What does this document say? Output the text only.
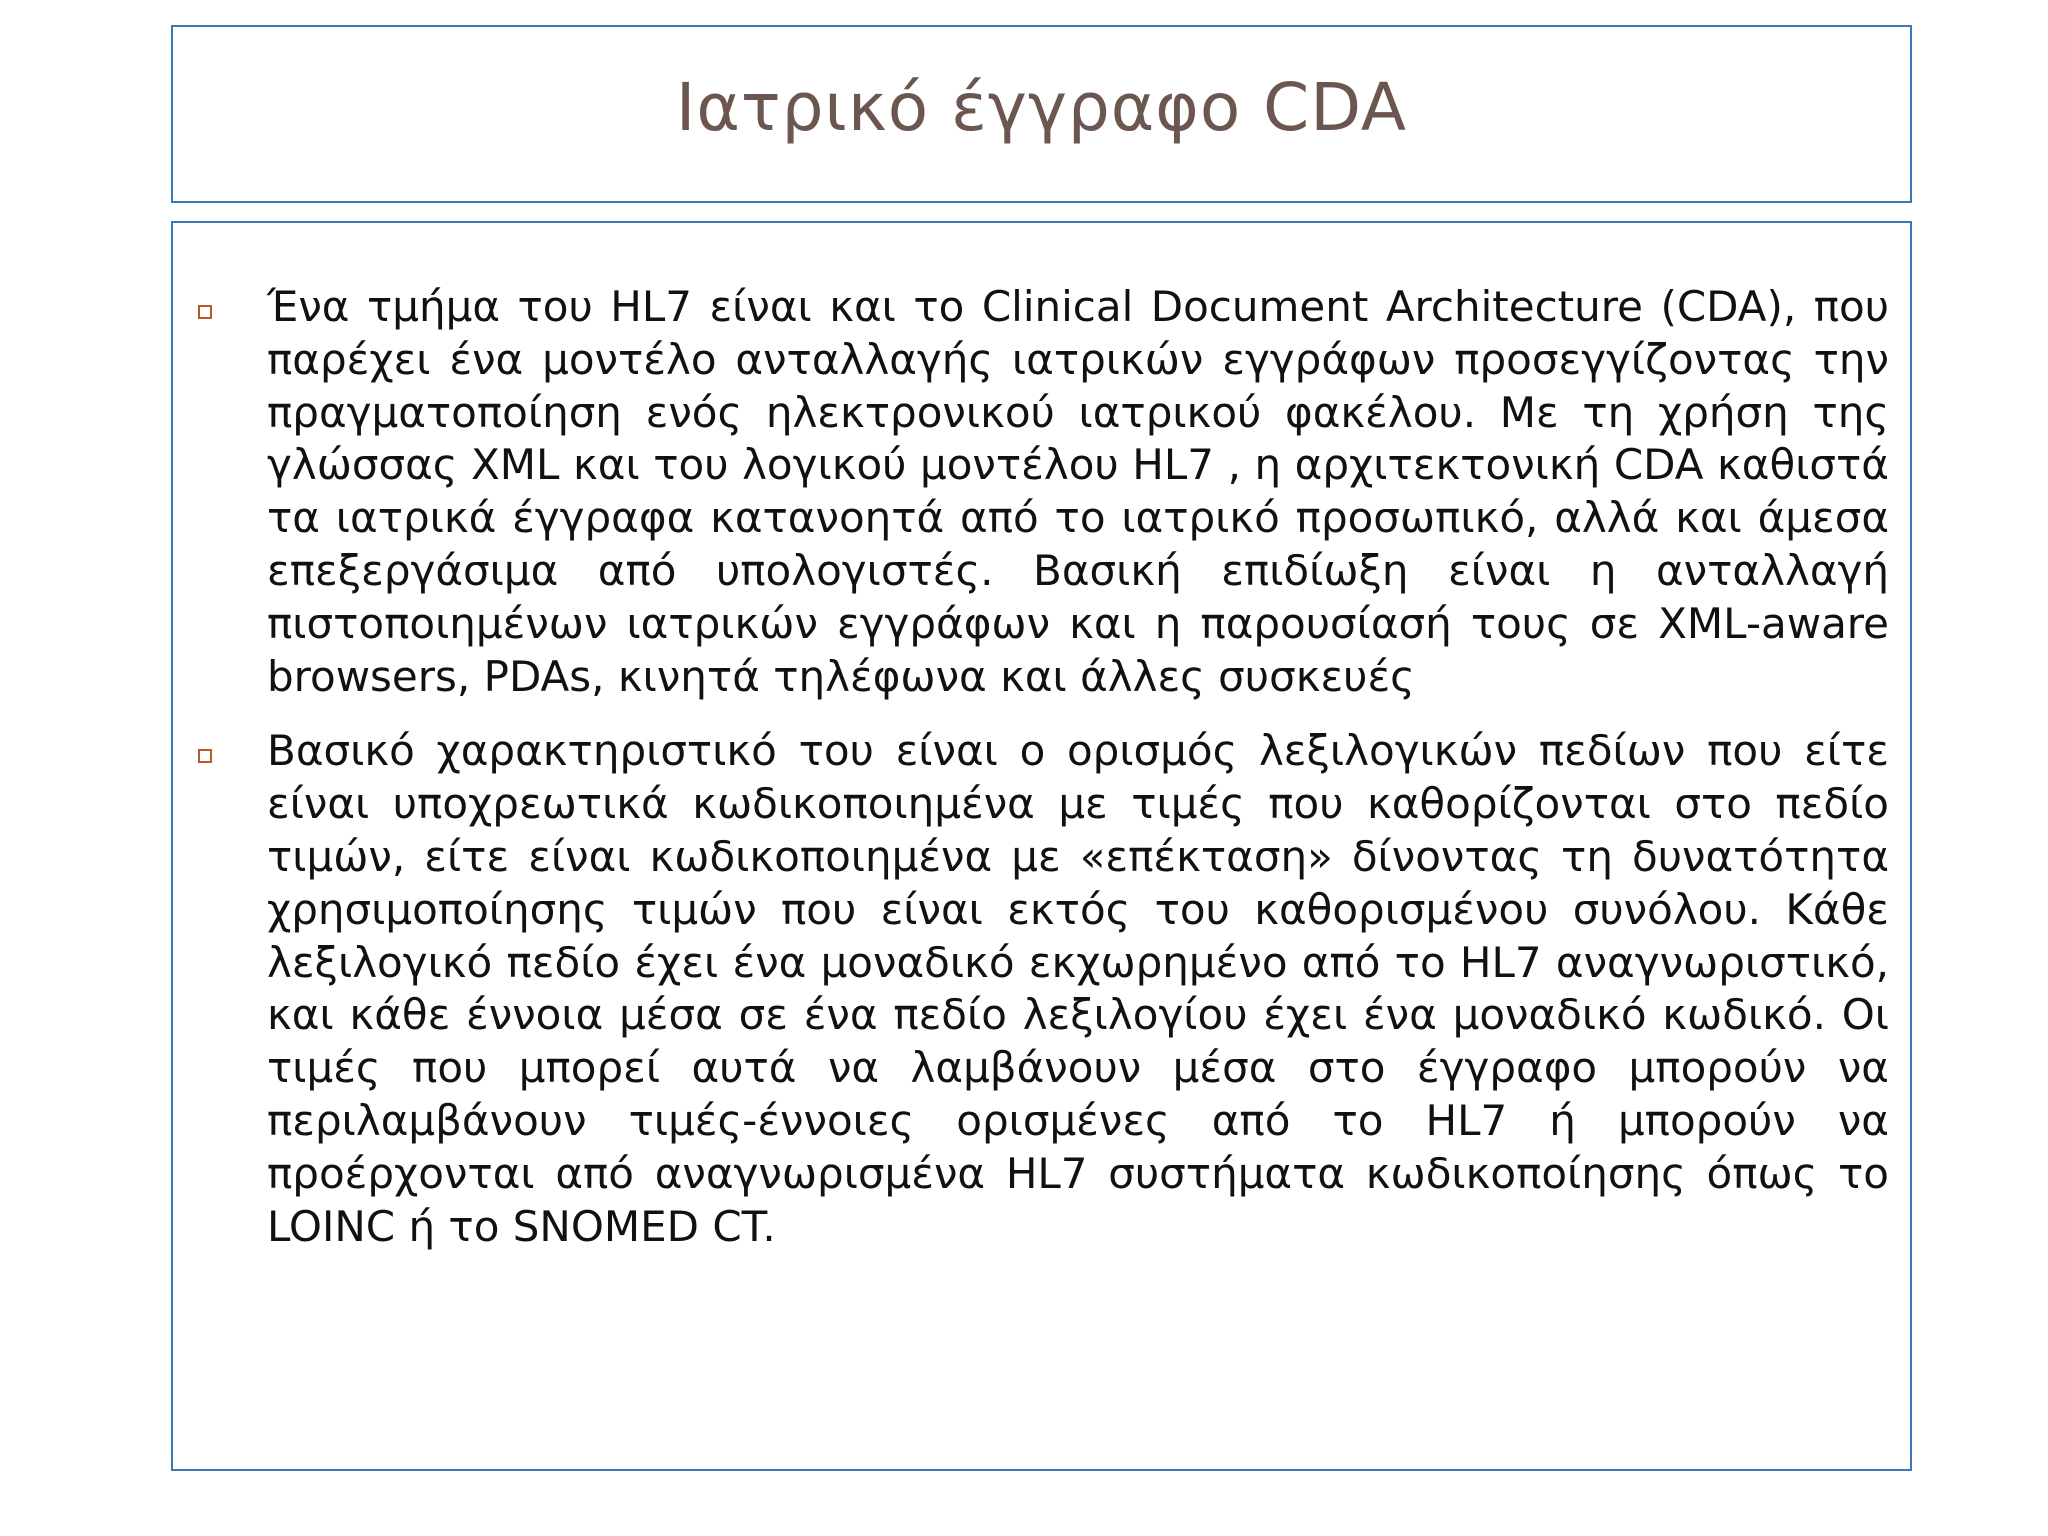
Ιατρικό έγγραφο CDA
Ένα τμήμα του HL7 είναι και το Clinical Document Architecture (CDA), που παρέχει ένα μοντέλο ανταλλαγής ιατρικών εγγράφων προσεγγίζοντας την πραγματοποίηση ενός ηλεκτρονικού ιατρικού φακέλου. Με τη χρήση της γλώσσας XML και του λογικού μοντέλου HL7 , η αρχιτεκτονική CDA καθιστά τα ιατρικά έγγραφα κατανοητά από το ιατρικό προσωπικό, αλλά και άμεσα επεξεργάσιμα από υπολογιστές. Βασική επιδίωξη είναι η ανταλλαγή πιστοποιημένων ιατρικών εγγράφων και η παρουσίασή τους σε XML-aware browsers, PDAs, κινητά τηλέφωνα και άλλες συσκευές
Βασικό χαρακτηριστικό του είναι ο ορισμός λεξιλογικών πεδίων που είτε είναι υποχρεωτικά κωδικοποιημένα με τιμές που καθορίζονται στο πεδίο τιμών, είτε είναι κωδικοποιημένα με «επέκταση» δίνοντας τη δυνατότητα χρησιμοποίησης τιμών που είναι εκτός του καθορισμένου συνόλου. Κάθε λεξιλογικό πεδίο έχει ένα μοναδικό εκχωρημένο από το HL7 αναγνωριστικό, και κάθε έννοια μέσα σε ένα πεδίο λεξιλογίου έχει ένα μοναδικό κωδικό. Οι τιμές που μπορεί αυτά να λαμβάνουν μέσα στο έγγραφο μπορούν να περιλαμβάνουν τιμές-έννοιες ορισμένες από το HL7 ή μπορούν να προέρχονται από αναγνωρισμένα HL7 συστήματα κωδικοποίησης όπως το LOINC ή το SNOMED CT.
